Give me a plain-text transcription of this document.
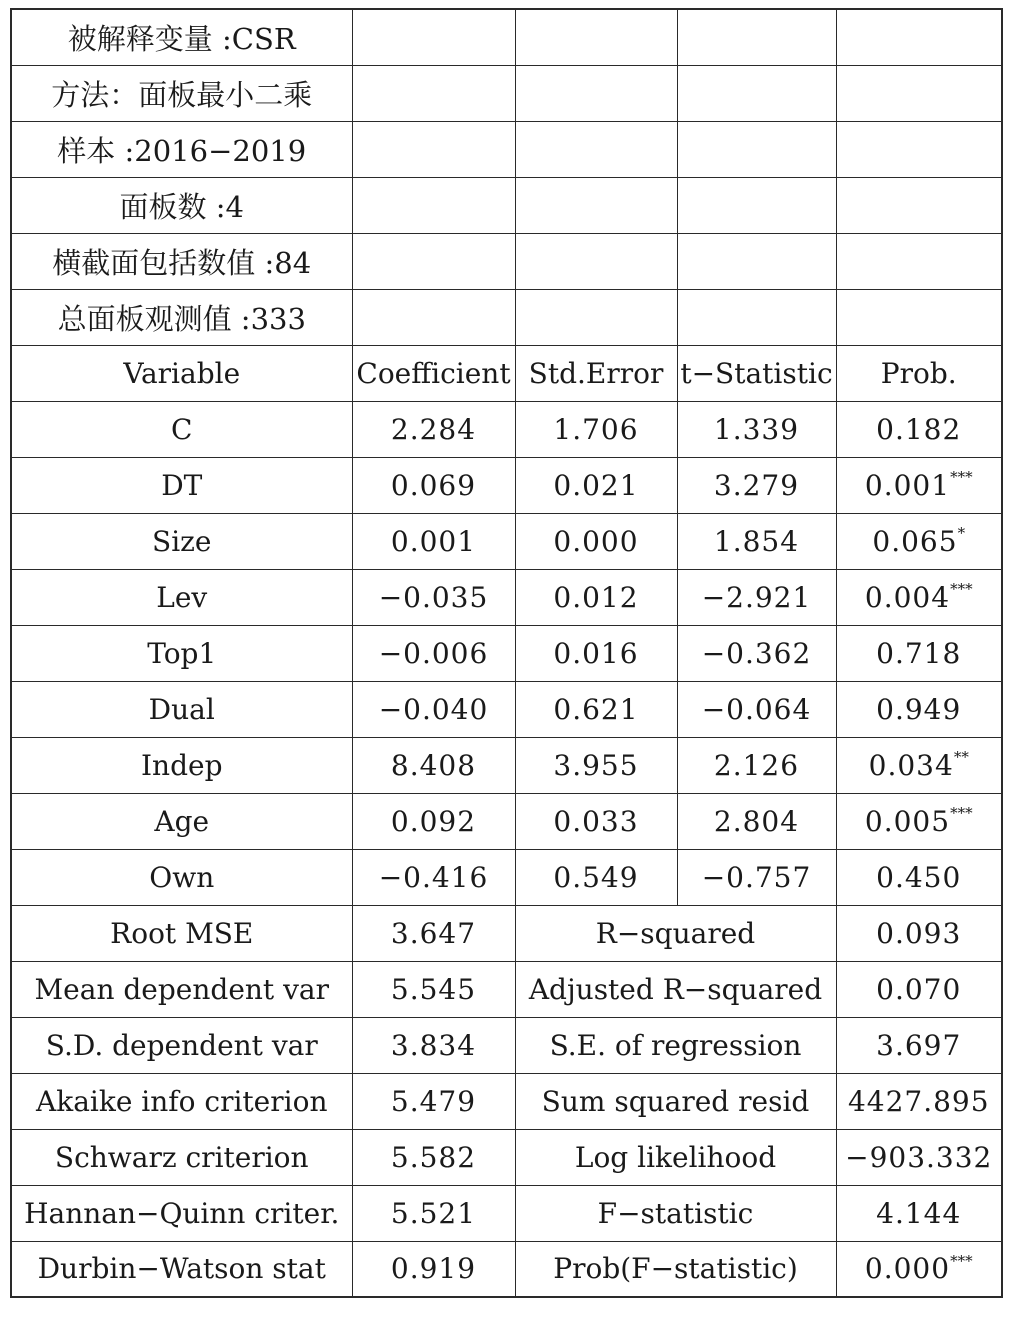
被解释变量 :CSR				
方法：面板最小二乘				
样本 :2016−2019				
面板数 :4				
横截面包括数值 :84				
总面板观测值 :333				
Variable	Coefficient	Std.Error	t−Statistic	Prob.
C	2.284	1.706	1.339	0.182
DT	0.069	0.021	3.279	0.001***
Size	0.001	0.000	1.854	0.065*
Lev	−0.035	0.012	−2.921	0.004***
Top1	−0.006	0.016	−0.362	0.718
Dual	−0.040	0.621	−0.064	0.949
Indep	8.408	3.955	2.126	0.034**
Age	0.092	0.033	2.804	0.005***
Own	−0.416	0.549	−0.757	0.450
Root MSE	3.647	R−squared		0.093
Mean dependent var	5.545	Adjusted R−squared		0.070
S.D. dependent var	3.834	S.E. of regression		3.697
Akaike info criterion	5.479	Sum squared resid		4427.895
Schwarz criterion	5.582	Log likelihood		−903.332
Hannan−Quinn criter.	5.521	F−statistic		4.144
Durbin−Watson stat	0.919	Prob(F−statistic)		0.000***
